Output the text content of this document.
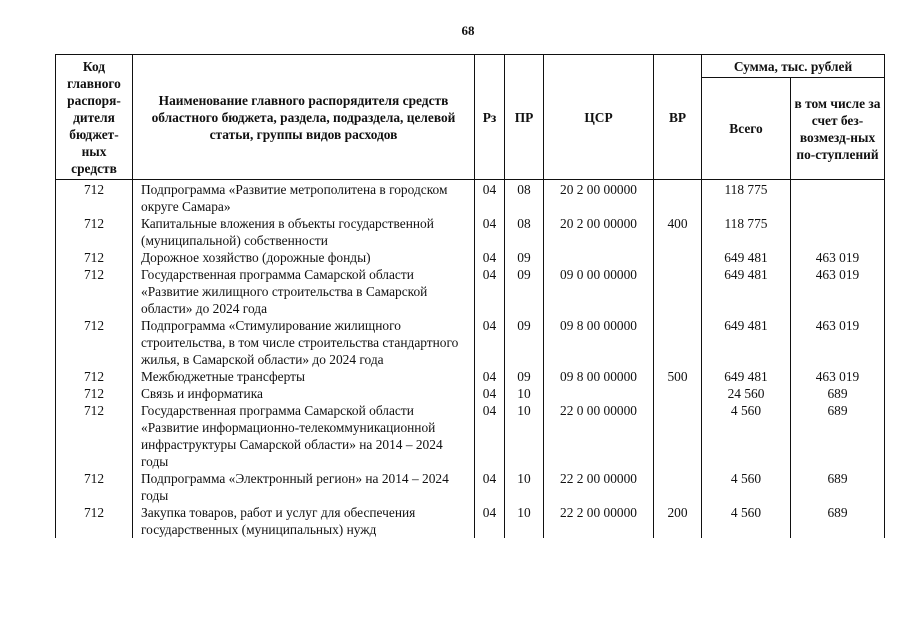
68
Код главного распоря-дителя бюджет-ных средств	Наименование главного распорядителя средств областного бюджета, раздела, подраздела, целевой статьи, группы видов расходов	Рз	ПР	ЦСР	ВР	Сумма, тыс. рублей	
						Всего	в том числе за счет без-возмезд-ных по-ступлений
712	Подпрограмма «Развитие метрополитена в городском округе Самара»	04	08	20 2 00 00000		118 775	
712	Капитальные вложения в объекты государственной (муниципальной) собственности	04	08	20 2 00 00000	400	118 775	
712	Дорожное хозяйство (дорожные фонды)	04	09			649 481	463 019
712	Государственная программа Самарской области «Развитие жилищного строительства в Самарской области» до 2024 года	04	09	09 0 00 00000		649 481	463 019
712	Подпрограмма «Стимулирование жилищного строительства, в том числе строительства стандартного жилья, в Самарской области» до 2024 года	04	09	09 8 00 00000		649 481	463 019
712	Межбюджетные трансферты	04	09	09 8 00 00000	500	649 481	463 019
712	Связь и информатика	04	10			24 560	689
712	Государственная программа Самарской области «Развитие информационно-телекоммуникационной инфраструктуры Самарской области» на 2014 – 2024 годы	04	10	22 0 00 00000		4 560	689
712	Подпрограмма «Электронный регион» на 2014 – 2024 годы	04	10	22 2 00 00000		4 560	689
712	Закупка товаров, работ и услуг для обеспечения государственных (муниципальных) нужд	04	10	22 2 00 00000	200	4 560	689
